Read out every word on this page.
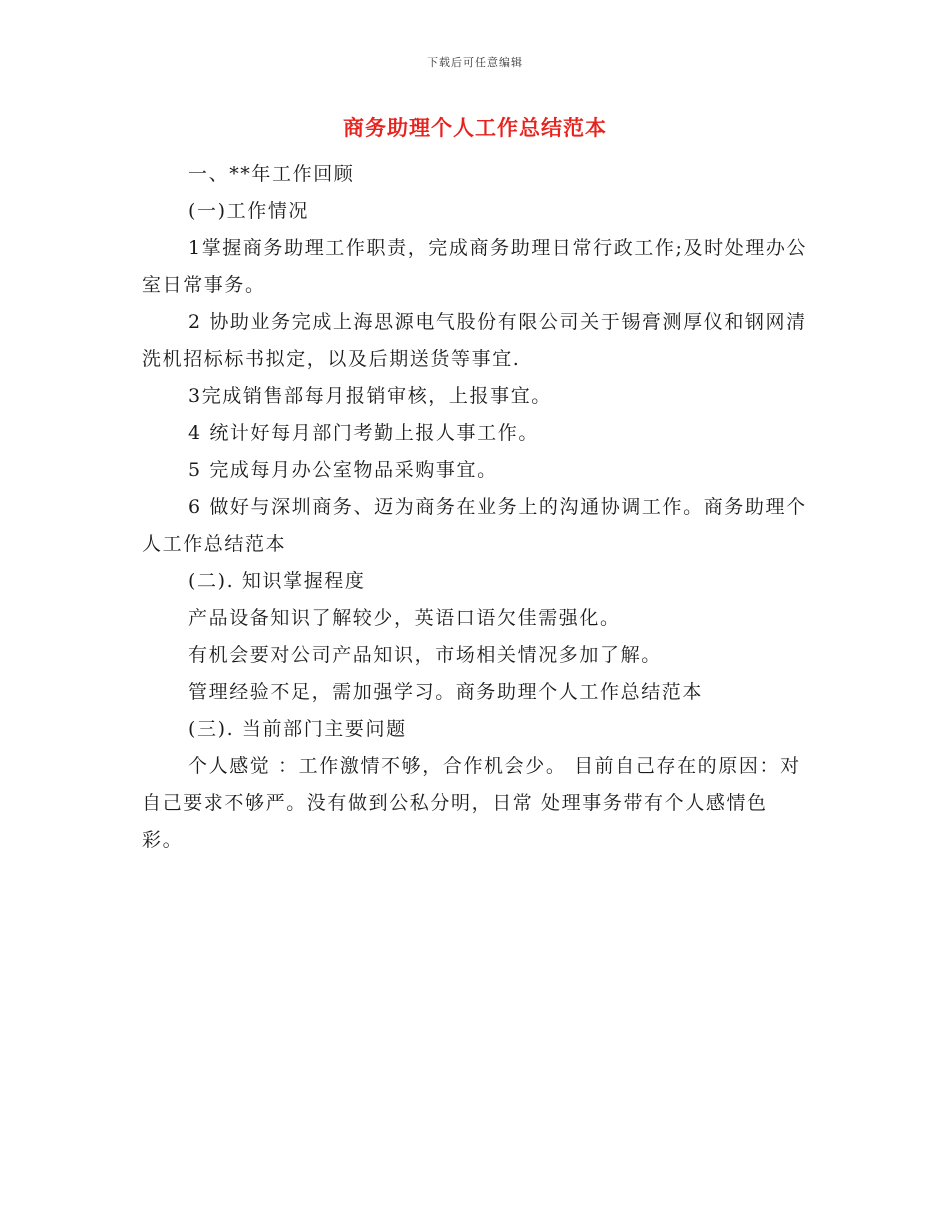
下载后可任意编辑
商务助理个人工作总结范本

一、**年工作回顾

(一)工作情况

1掌握商务助理工作职责，完成商务助理日常行政工作;及时处理办公室日常事务。

2 协助业务完成上海思源电气股份有限公司关于锡膏测厚仪和钢网清洗机招标标书拟定，以及后期送货等事宜.

3完成销售部每月报销审核，上报事宜。

4 统计好每月部门考勤上报人事工作。

5 完成每月办公室物品采购事宜。

6 做好与深圳商务、迈为商务在业务上的沟通协调工作。商务助理个人工作总结范本

(二). 知识掌握程度

产品设备知识了解较少，英语口语欠佳需强化。

有机会要对公司产品知识，市场相关情况多加了解。

管理经验不足，需加强学习。商务助理个人工作总结范本

(三). 当前部门主要问题

个人感觉 ：工作激情不够，合作机会少。 目前自己存在的原因：对自己要求不够严。没有做到公私分明，日常 处理事务带有个人感情色彩。
